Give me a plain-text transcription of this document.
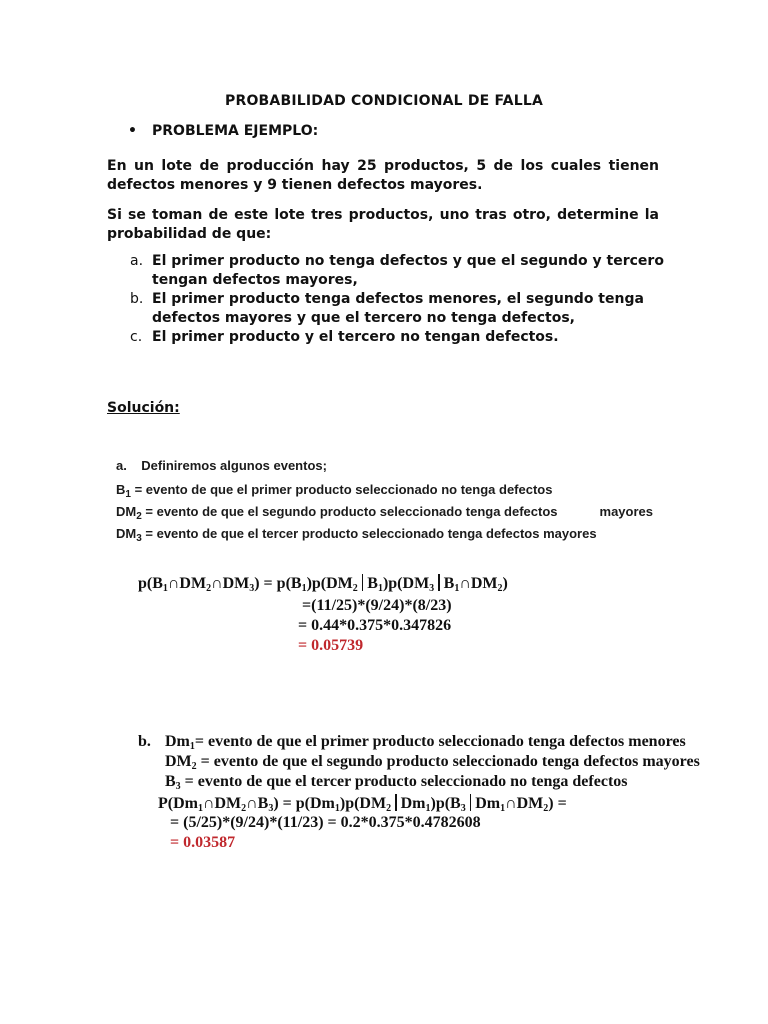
PROBABILIDAD CONDICIONAL DE FALLA
• PROBLEMA EJEMPLO:

En un lote de producción hay 25 productos, 5 de los cuales tienen defectos menores y 9 tienen defectos mayores.

Si se toman de este lote tres productos, uno tras otro, determine la probabilidad de que:

a. El primer producto no tenga defectos y que el segundo y tercero tengan defectos mayores,
b. El primer producto tenga defectos menores, el segundo tenga defectos mayores y que el tercero no tenga defectos,
c. El primer producto y el tercero no tengan defectos.
Solución:
a. Definiremos algunos eventos;
$B_1$ = evento de que el primer producto seleccionado no tenga defectos
$DM_2$ = evento de que el segundo producto seleccionado tenga defectos	mayores
$DM_3$ = evento de que el tercer producto seleccionado tenga defectos mayores
$p(B_1\cap DM_2\cap DM_3) = p(B_1)p(DM_2$ $B_1)p(DM_3$ $B_1\cap DM_2$)
=(11/25)*(9/24)*(8/23)
= 0.44*0.375*0.347826
= 0.05739
b. $Dm_1=$ evento de que el primer producto seleccionado tenga defectos menores
$DM_2$ = evento de que el segundo producto seleccionado tenga defectos mayores
$B_3$ = evento de que el tercer producto seleccionado no tenga defectos
$P(Dm_1\cap DM_2\cap B_3) = p(Dm_1)p(DM_2$ $Dm_1)p(B_3$ $Dm_1\cap DM_2$) =
= (5/25)*(9/24)*(11/23) = 0.2*0.375*0.4782608
= 0.03587
